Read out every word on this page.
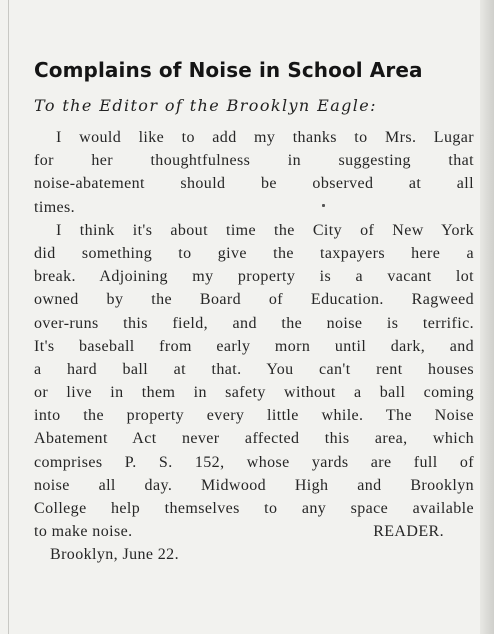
Complains of Noise in School Area

To the Editor of the Brooklyn Eagle:

I would like to add my thanks to Mrs. Lugar
for her thoughtfulness in suggesting that
noise-abatement should be observed at all
times.
I think it's about time the City of New York
did something to give the taxpayers here a
break. Adjoining my property is a vacant lot
owned by the Board of Education. Ragweed
over-runs this field, and the noise is terrific.
It's baseball from early morn until dark, and
a hard ball at that. You can't rent houses
or live in them in safety without a ball coming
into the property every little while. The Noise
Abatement Act never affected this area, which
comprises P. S. 152, whose yards are full of
noise all day. Midwood High and Brooklyn
College help themselves to any space available
to make noise.	READER.
Brooklyn, June 22.
